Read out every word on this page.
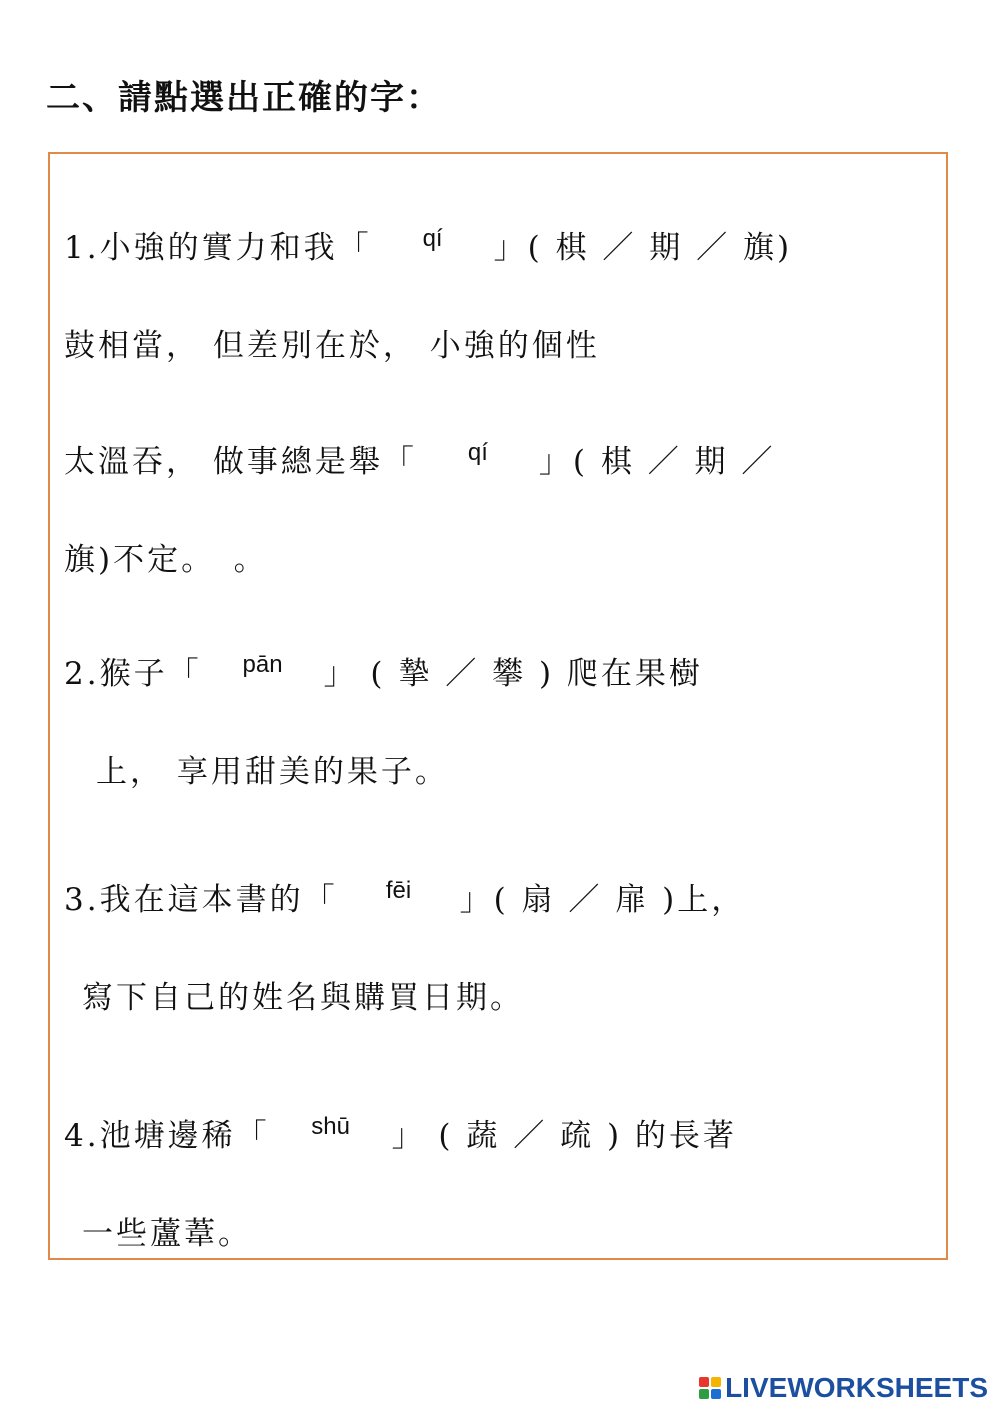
二、請點選出正確的字：
1.小強的實力和我「 qí 」( 棋 ／ 期 ／ 旗)
鼓相當， 但差別在於， 小強的個性
太溫吞， 做事總是舉「 qí 」( 棋 ／ 期 ／
旗)不定。　。
2.猴子「 pān 」 ( 摯 ／ 攀 ) 爬在果樹
上， 享用甜美的果子。
3.我在這本書的「 fēi 」( 扇 ／ 扉 )上，
寫下自己的姓名與購買日期。
4.池塘邊稀「 shū 」 ( 蔬 ／ 疏 ) 的長著
一些蘆葦。
LIVEWORKSHEETS
